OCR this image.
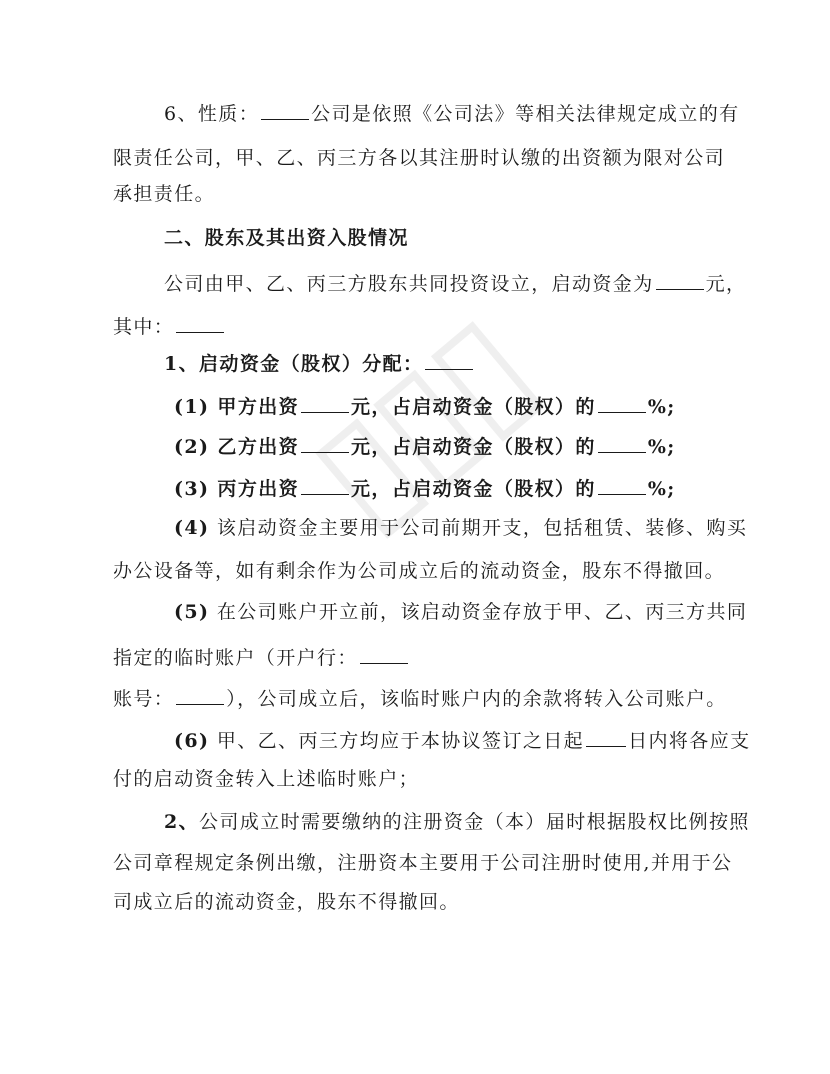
6、性质：	公司是依照《公司法》等相关法律规定成立的有
限责任公司，甲、乙、丙三方各以其注册时认缴的出资额为限对公司
承担责任。
二、股东及其出资入股情况
公司由甲、乙、丙三方股东共同投资设立，启动资金为	元，
其中：
1、启动资金（股权）分配：
(1) 甲方出资	元，占启动资金（股权）的	%;
(2) 乙方出资	元，占启动资金（股权）的	%;
(3) 丙方出资	元，占启动资金（股权）的	%;
(4) 该启动资金主要用于公司前期开支，包括租赁、装修、购买
办公设备等，如有剩余作为公司成立后的流动资金，股东不得撤回。
(5) 在公司账户开立前，该启动资金存放于甲、乙、丙三方共同
指定的临时账户（开户行：
账号：	），公司成立后，该临时账户内的余款将转入公司账户。
(6) 甲、乙、丙三方均应于本协议签订之日起 日内将各应支
付的启动资金转入上述临时账户；
2、公司成立时需要缴纳的注册资金（本）届时根据股权比例按照
公司章程规定条例出缴，注册资本主要用于公司注册时使用,并用于公
司成立后的流动资金，股东不得撤回。
